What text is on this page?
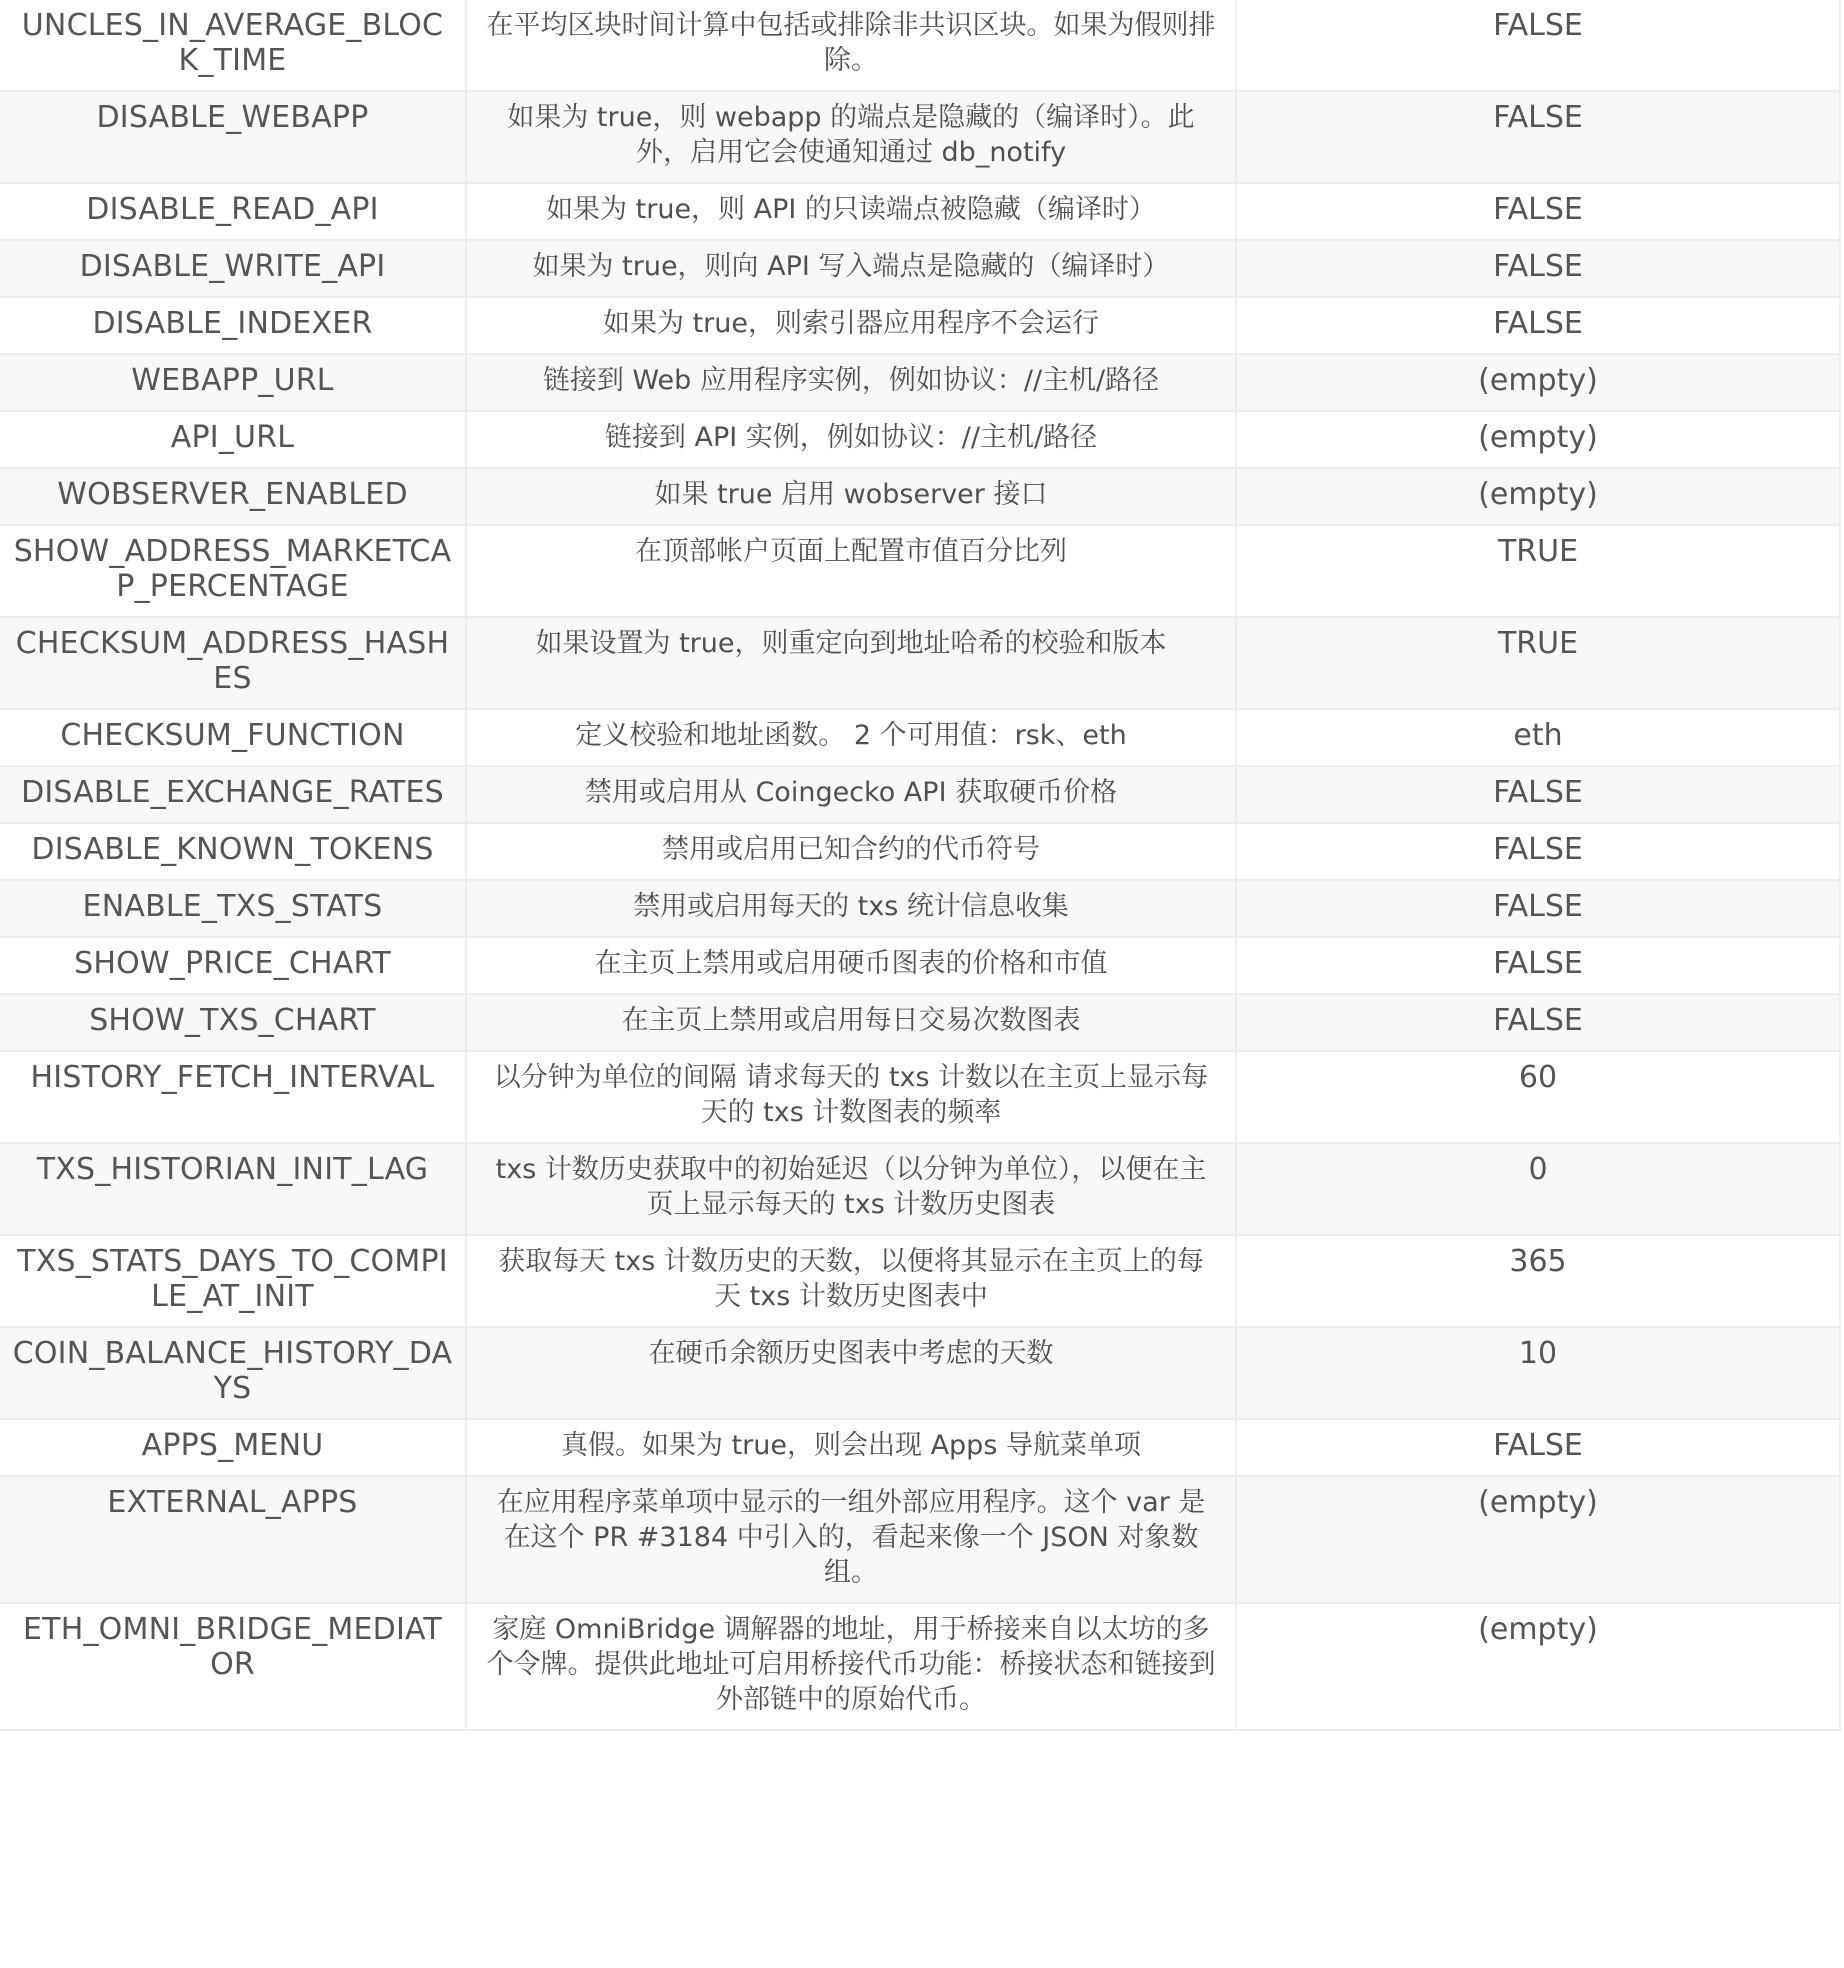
UNCLES_IN_AVERAGE_BLOCK_TIME	在平均区块时间计算中包括或排除非共识区块。如果为假则排除。	FALSE
DISABLE_WEBAPP	如果为 true，则 webapp 的端点是隐藏的（编译时）。此外，启用它会使通知通过 db_notify	FALSE
DISABLE_READ_API	如果为 true，则 API 的只读端点被隐藏（编译时）	FALSE
DISABLE_WRITE_API	如果为 true，则向 API 写入端点是隐藏的（编译时）	FALSE
DISABLE_INDEXER	如果为 true，则索引器应用程序不会运行	FALSE
WEBAPP_URL	链接到 Web 应用程序实例，例如协议：//主机/路径	(empty)
API_URL	链接到 API 实例，例如协议：//主机/路径	(empty)
WOBSERVER_ENABLED	如果 true 启用 wobserver 接口	(empty)
SHOW_ADDRESS_MARKETCAP_PERCENTAGE	在顶部帐户页面上配置市值百分比列	TRUE
CHECKSUM_ADDRESS_HASHES	如果设置为 true，则重定向到地址哈希的校验和版本	TRUE
CHECKSUM_FUNCTION	定义校验和地址函数。 2 个可用值：rsk、eth	eth
DISABLE_EXCHANGE_RATES	禁用或启用从 Coingecko API 获取硬币价格	FALSE
DISABLE_KNOWN_TOKENS	禁用或启用已知合约的代币符号	FALSE
ENABLE_TXS_STATS	禁用或启用每天的 txs 统计信息收集	FALSE
SHOW_PRICE_CHART	在主页上禁用或启用硬币图表的价格和市值	FALSE
SHOW_TXS_CHART	在主页上禁用或启用每日交易次数图表	FALSE
HISTORY_FETCH_INTERVAL	以分钟为单位的间隔 请求每天的 txs 计数以在主页上显示每天的 txs 计数图表的频率	60
TXS_HISTORIAN_INIT_LAG	txs 计数历史获取中的初始延迟（以分钟为单位），以便在主页上显示每天的 txs 计数历史图表	0
TXS_STATS_DAYS_TO_COMPILE_AT_INIT	获取每天 txs 计数历史的天数，以便将其显示在主页上的每天 txs 计数历史图表中	365
COIN_BALANCE_HISTORY_DAYS	在硬币余额历史图表中考虑的天数	10
APPS_MENU	真假。如果为 true，则会出现 Apps 导航菜单项	FALSE
EXTERNAL_APPS	在应用程序菜单项中显示的一组外部应用程序。这个 var 是在这个 PR #3184 中引入的，看起来像一个 JSON 对象数组。	(empty)
ETH_OMNI_BRIDGE_MEDIATOR	家庭 OmniBridge 调解器的地址，用于桥接来自以太坊的多个令牌。提供此地址可启用桥接代币功能：桥接状态和链接到外部链中的原始代币。	(empty)
